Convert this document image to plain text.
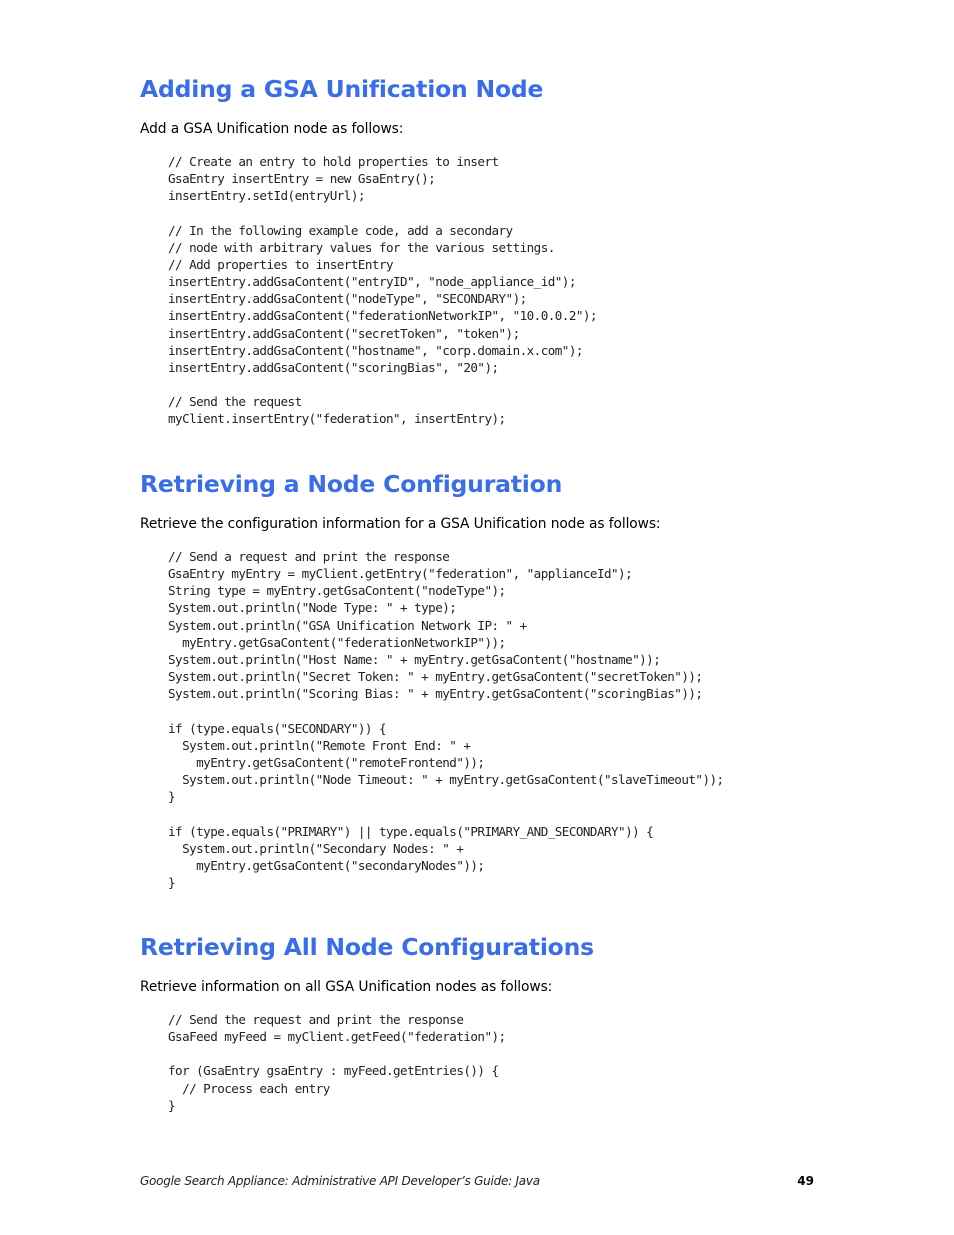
Adding a GSA Unification Node

Add a GSA Unification node as follows:

// Create an entry to hold properties to insert
GsaEntry insertEntry = new GsaEntry();
insertEntry.setId(entryUrl);

// In the following example code, add a secondary
// node with arbitrary values for the various settings.
// Add properties to insertEntry
insertEntry.addGsaContent("entryID", "node_appliance_id");
insertEntry.addGsaContent("nodeType", "SECONDARY");
insertEntry.addGsaContent("federationNetworkIP", "10.0.0.2");
insertEntry.addGsaContent("secretToken", "token");
insertEntry.addGsaContent("hostname", "corp.domain.x.com");
insertEntry.addGsaContent("scoringBias", "20");

// Send the request
myClient.insertEntry("federation", insertEntry);
Retrieving a Node Configuration

Retrieve the configuration information for a GSA Unification node as follows:

// Send a request and print the response
GsaEntry myEntry = myClient.getEntry("federation", "applianceId");
String type = myEntry.getGsaContent("nodeType");
System.out.println("Node Type: " + type);
System.out.println("GSA Unification Network IP: " +
myEntry.getGsaContent("federationNetworkIP"));
System.out.println("Host Name: " + myEntry.getGsaContent("hostname"));
System.out.println("Secret Token: " + myEntry.getGsaContent("secretToken"));
System.out.println("Scoring Bias: " + myEntry.getGsaContent("scoringBias"));

if (type.equals("SECONDARY")) {
System.out.println("Remote Front End: " +
myEntry.getGsaContent("remoteFrontend"));
System.out.println("Node Timeout: " + myEntry.getGsaContent("slaveTimeout"));
}

if (type.equals("PRIMARY") || type.equals("PRIMARY_AND_SECONDARY")) {
System.out.println("Secondary Nodes: " +
myEntry.getGsaContent("secondaryNodes"));
}
Retrieving All Node Configurations

Retrieve information on all GSA Unification nodes as follows:

// Send the request and print the response
GsaFeed myFeed = myClient.getFeed("federation");

for (GsaEntry gsaEntry : myFeed.getEntries()) {
// Process each entry
}
Google Search Appliance: Administrative API Developer’s Guide: Java	49
